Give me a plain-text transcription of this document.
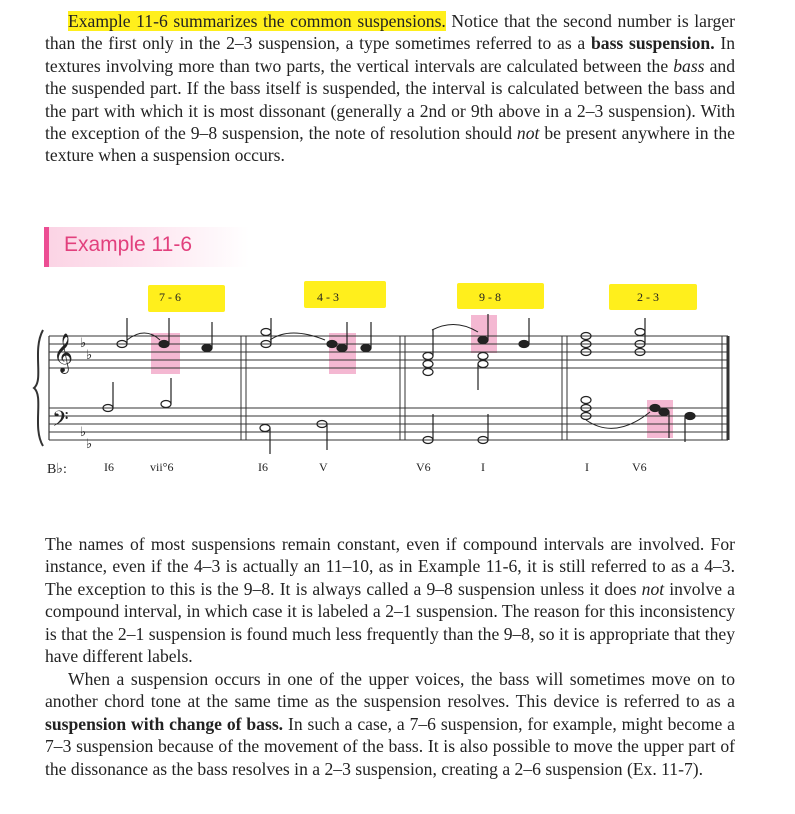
Example 11-6 summarizes the common suspensions. Notice that the second number is larger than the first only in the 2–3 suspension, a type sometimes referred to as a bass suspension. In textures involving more than two parts, the vertical intervals are calculated between the bass and the suspended part. If the bass itself is suspended, the interval is calculated between the bass and the part with which it is most dissonant (generally a 2nd or 9th above in a 2–3 suspension). With the exception of the 9–8 suspension, the note of resolution should not be present anywhere in the texture when a suspension occurs.
Example 11-6
7 - 6	4 - 3	9 - 8	2 - 3
𝄞
𝄢
♭
♭
♭
♭
B♭:	I6	vii°6	I6	V	V6	I	I	V6
The names of most suspensions remain constant, even if compound intervals are involved. For instance, even if the 4–3 is actually an 11–10, as in Example 11-6, it is still referred to as a 4–3. The exception to this is the 9–8. It is always called a 9–8 suspension unless it does not involve a compound interval, in which case it is labeled a 2–1 suspension. The reason for this inconsistency is that the 2–1 suspension is found much less frequently than the 9–8, so it is appropriate that they have different labels.
When a suspension occurs in one of the upper voices, the bass will sometimes move on to another chord tone at the same time as the suspension resolves. This device is referred to as a suspension with change of bass. In such a case, a 7–6 suspension, for example, might become a 7–3 suspension because of the movement of the bass. It is also possible to move the upper part of the dissonance as the bass resolves in a 2–3 suspension, creating a 2–6 suspension (Ex. 11-7).
